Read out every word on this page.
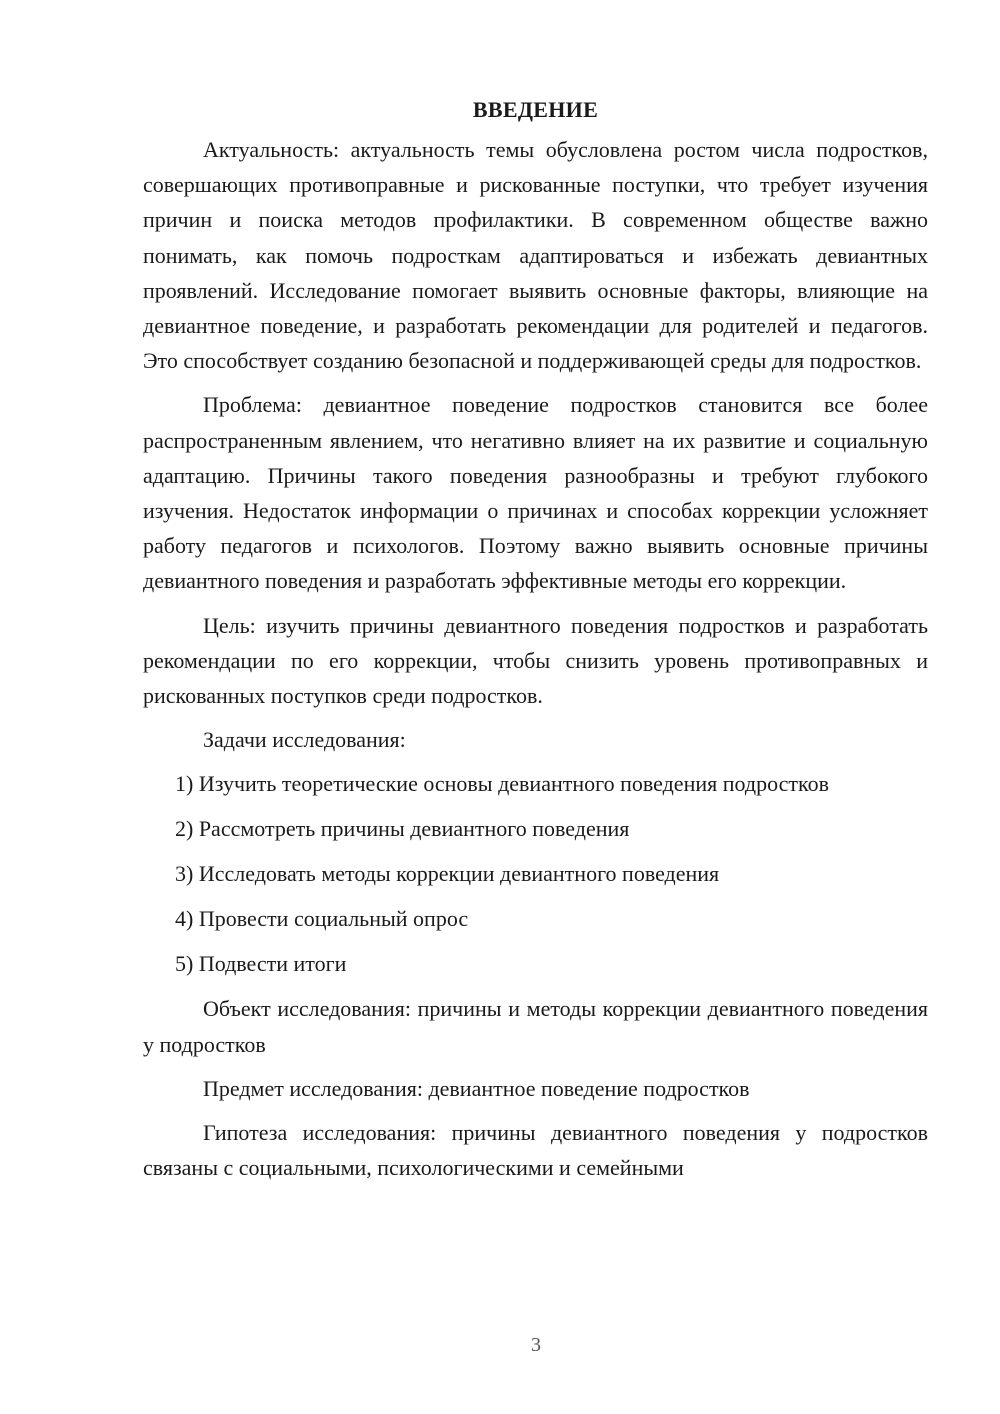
ВВЕДЕНИЕ

Актуальность: актуальность темы обусловлена ростом числа подростков, совершающих противоправные и рискованные поступки, что требует изучения причин и поиска методов профилактики. В современном обществе важно понимать, как помочь подросткам адаптироваться и избежать девиантных проявлений. Исследование помогает выявить основные факторы, влияющие на девиантное поведение, и разработать рекомендации для родителей и педагогов. Это способствует созданию безопасной и поддерживающей среды для подростков.

Проблема: девиантное поведение подростков становится все более распространенным явлением, что негативно влияет на их развитие и социальную адаптацию. Причины такого поведения разнообразны и требуют глубокого изучения. Недостаток информации о причинах и способах коррекции усложняет работу педагогов и психологов. Поэтому важно выявить основные причины девиантного поведения и разработать эффективные методы его коррекции.

Цель: изучить причины девиантного поведения подростков и разработать рекомендации по его коррекции, чтобы снизить уровень противоправных и рискованных поступков среди подростков.

Задачи исследования:

1) Изучить теоретические основы девиантного поведения подростков
2) Рассмотреть причины девиантного поведения
3) Исследовать методы коррекции девиантного поведения
4) Провести социальный опрос
5) Подвести итоги

Объект исследования: причины и методы коррекции девиантного поведения у подростков

Предмет исследования: девиантное поведение подростков

Гипотеза исследования: причины девиантного поведения у подростков связаны с социальными, психологическими и семейными

3
